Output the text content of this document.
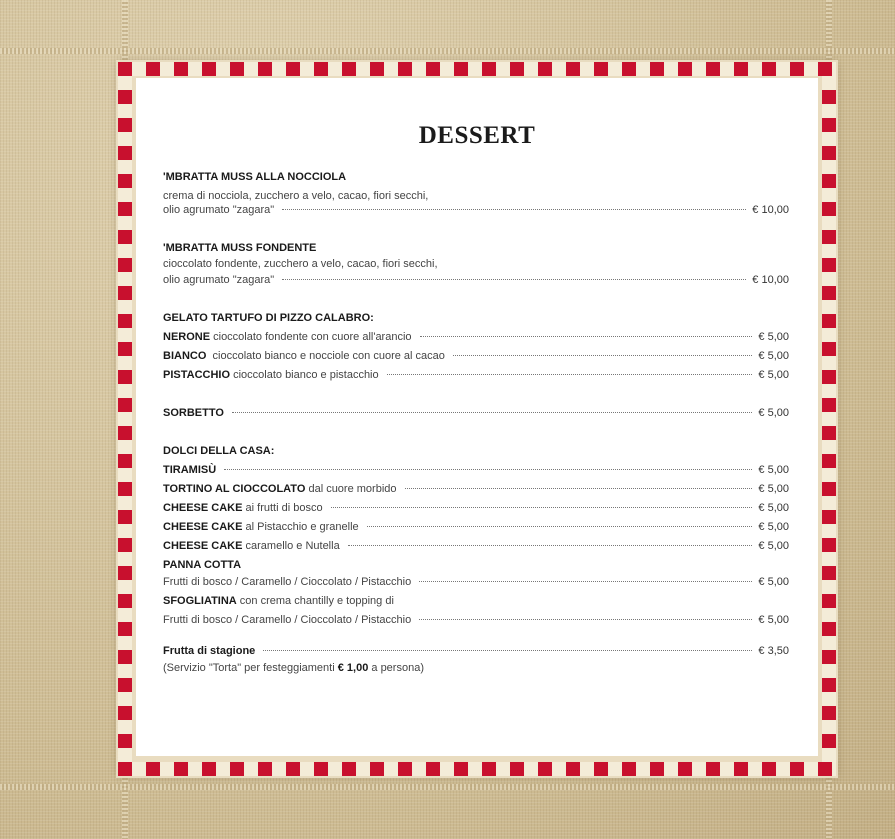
DESSERT
'MBRATTA MUSS ALLA NOCCIOLA
crema di nocciola, zucchero a velo, cacao, fiori secchi,
olio agrumato "zagara"	€ 10,00
'MBRATTA MUSS FONDENTE
cioccolato fondente, zucchero a velo, cacao, fiori secchi,
olio agrumato "zagara"	€ 10,00
GELATO TARTUFO DI PIZZO CALABRO:
NERONE
cioccolato fondente con cuore all'arancio	€ 5,00
BIANCO
cioccolato bianco e nocciole con cuore al cacao	€ 5,00
PISTACCHIO
cioccolato bianco e pistacchio	€ 5,00
SORBETTO	€ 5,00
DOLCI DELLA CASA:
TIRAMISÙ	€ 5,00
TORTINO AL CIOCCOLATO
dal cuore morbido	€ 5,00
CHEESE CAKE
ai frutti di bosco	€ 5,00
CHEESE CAKE
al Pistacchio e granelle	€ 5,00
CHEESE CAKE
caramello e Nutella	€ 5,00
PANNA COTTA
Frutti di bosco / Caramello / Cioccolato / Pistacchio	€ 5,00
SFOGLIATINA
con crema chantilly e topping di
Frutti di bosco / Caramello / Cioccolato / Pistacchio	€ 5,00
Frutta di stagione	€ 3,50
(Servizio "Torta" per festeggiamenti
€ 1,00
a persona)
